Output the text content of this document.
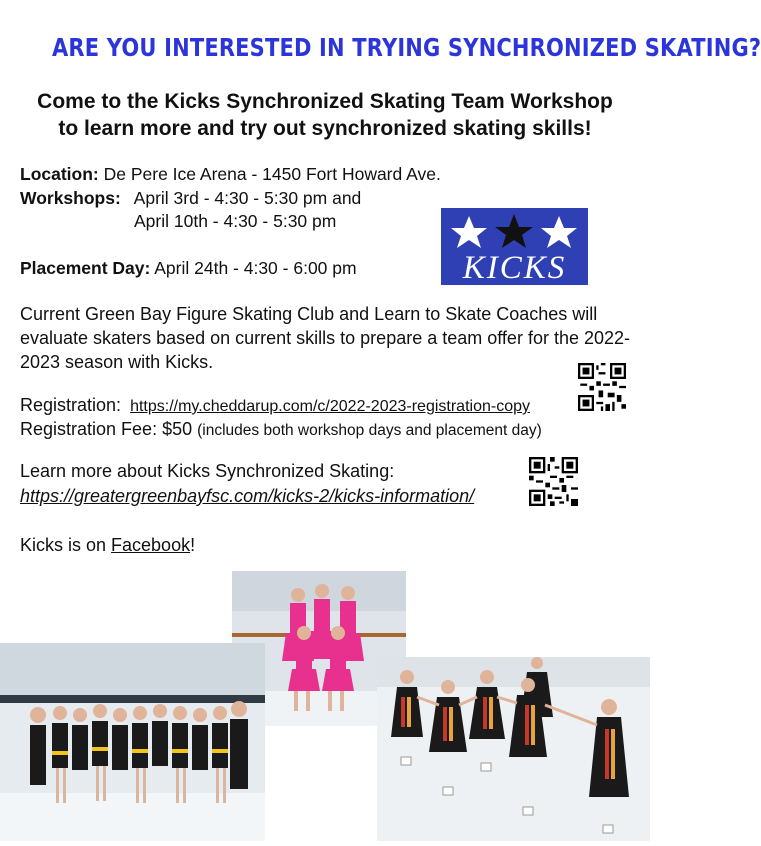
ARE YOU INTERESTED IN TRYING SYNCHRONIZED SKATING?
Come to the Kicks Synchronized Skating Team Workshop
to learn more and try out synchronized skating skills!
Location: De Pere Ice Arena - 1450 Fort Howard Ave.
Workshops: April 3rd - 4:30 - 5:30 pm and
April 10th - 4:30 - 5:30 pm
Placement Day: April 24th - 4:30 - 6:00 pm	KICKS
Current Green Bay Figure Skating Club and Learn to Skate Coaches will evaluate skaters based on current skills to prepare a team offer for the 2022-2023 season with Kicks.
Registration: https://my.cheddarup.com/c/2022-2023-registration-copy
Registration Fee: $50 (includes both workshop days and placement day)
Learn more about Kicks Synchronized Skating:
https://greatergreenbayfsc.com/kicks-2/kicks-information/
Kicks is on Facebook!
